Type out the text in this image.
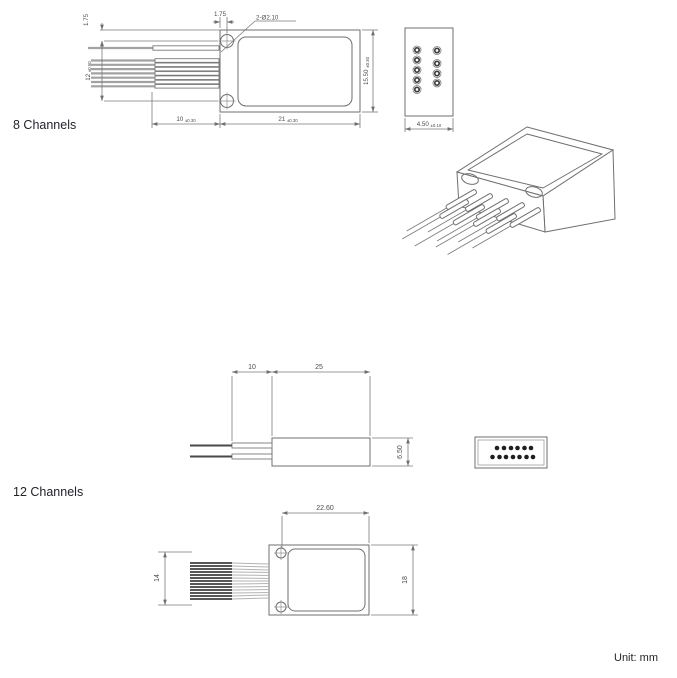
2-Ø2.10
1.75
1.75
12 ±0.50
10 ±0.30	21 ±0.30
15.50 ±0.30
4.50 ±0.10
10	25
6.50
14
22.60
18
8 Channels
12 Channels
Unit: mm
